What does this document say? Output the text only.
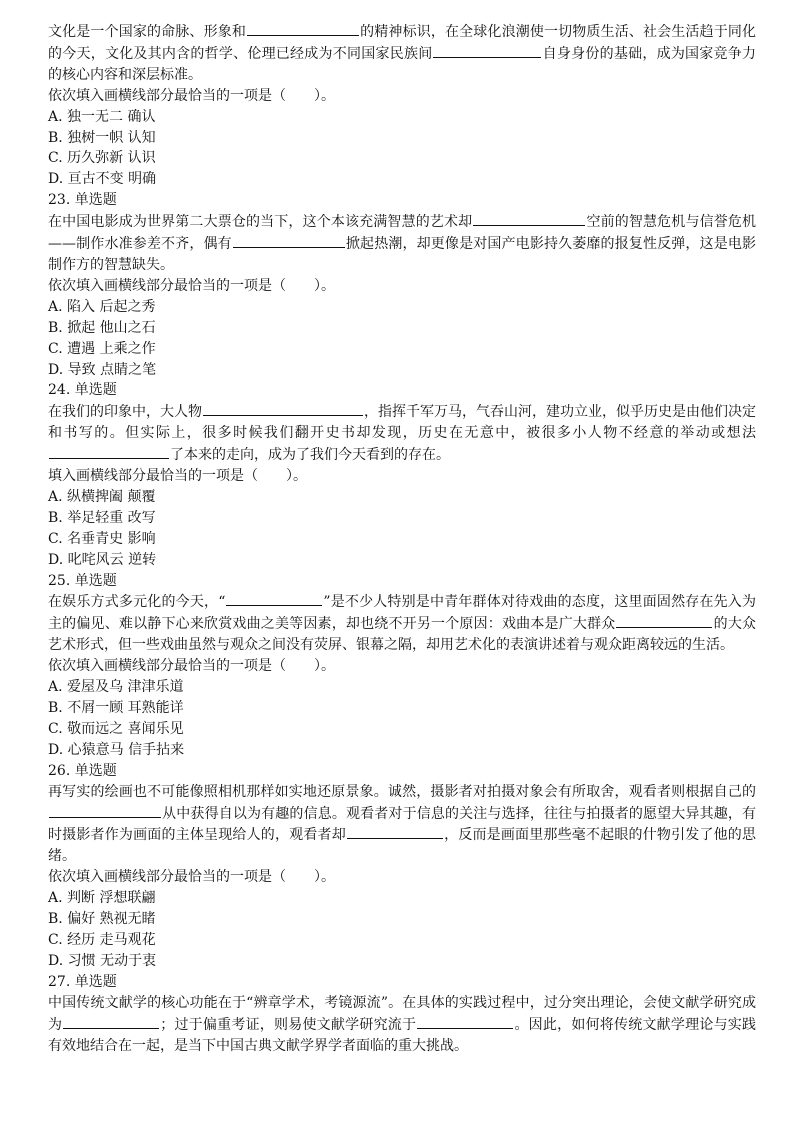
文化是一个国家的命脉、形象和	的精神标识，在全球化浪潮使一切物质生活、社会生活趋于同化的今天，文化及其内含的哲学、伦理已经成为不同国家民族间	自身身份的基础，成为国家竞争力的核心内容和深层标准。

依次填入画横线部分最恰当的一项是（　　）。

A. 独一无二 确认

B. 独树一帜 认知

C. 历久弥新 认识

D. 亘古不变 明确

23. 单选题

在中国电影成为世界第二大票仓的当下，这个本该充满智慧的艺术却	空前的智慧危机与信誉危机——制作水准参差不齐，偶有	掀起热潮，却更像是对国产电影持久萎靡的报复性反弹，这是电影制作方的智慧缺失。

依次填入画横线部分最恰当的一项是（　　）。

A. 陷入 后起之秀

B. 掀起 他山之石

C. 遭遇 上乘之作

D. 导致 点睛之笔

24. 单选题

在我们的印象中，大人物	，指挥千军万马，气吞山河，建功立业，似乎历史是由他们决定和书写的。但实际上，很多时候我们翻开史书却发现，历史在无意中，被很多小人物不经意的举动或想法了本来的走向，成为了我们今天看到的存在。

填入画横线部分最恰当的一项是（　　）。

A. 纵横捭阖 颠覆

B. 举足轻重 改写

C. 名垂青史 影响

D. 叱咤风云 逆转

25. 单选题

在娱乐方式多元化的今天，“	”是不少人特别是中青年群体对待戏曲的态度，这里面固然存在先入为主的偏见、难以静下心来欣赏戏曲之美等因素，却也绕不开另一个原因：戏曲本是广大群众	的大众艺术形式，但一些戏曲虽然与观众之间没有荧屏、银幕之隔，却用艺术化的表演讲述着与观众距离较远的生活。

依次填入画横线部分最恰当的一项是（　　）。

A. 爱屋及乌 津津乐道

B. 不屑一顾 耳熟能详

C. 敬而远之 喜闻乐见

D. 心猿意马 信手拈来

26. 单选题

再写实的绘画也不可能像照相机那样如实地还原景象。诚然，摄影者对拍摄对象会有所取舍，观看者则根据自己的从中获得自以为有趣的信息。观看者对于信息的关注与选择，往往与拍摄者的愿望大异其趣，有时摄影者作为画面的主体呈现给人的，观看者却	，反而是画面里那些毫不起眼的什物引发了他的思绪。

依次填入画横线部分最恰当的一项是（　　）。

A. 判断 浮想联翩

B. 偏好 熟视无睹

C. 经历 走马观花

D. 习惯 无动于衷

27. 单选题

中国传统文献学的核心功能在于“辨章学术，考镜源流”。在具体的实践过程中，过分突出理论，会使文献学研究成为	；过于偏重考证，则易使文献学研究流于	。因此，如何将传统文献学理论与实践有效地结合在一起，是当下中国古典文献学界学者面临的重大挑战。
